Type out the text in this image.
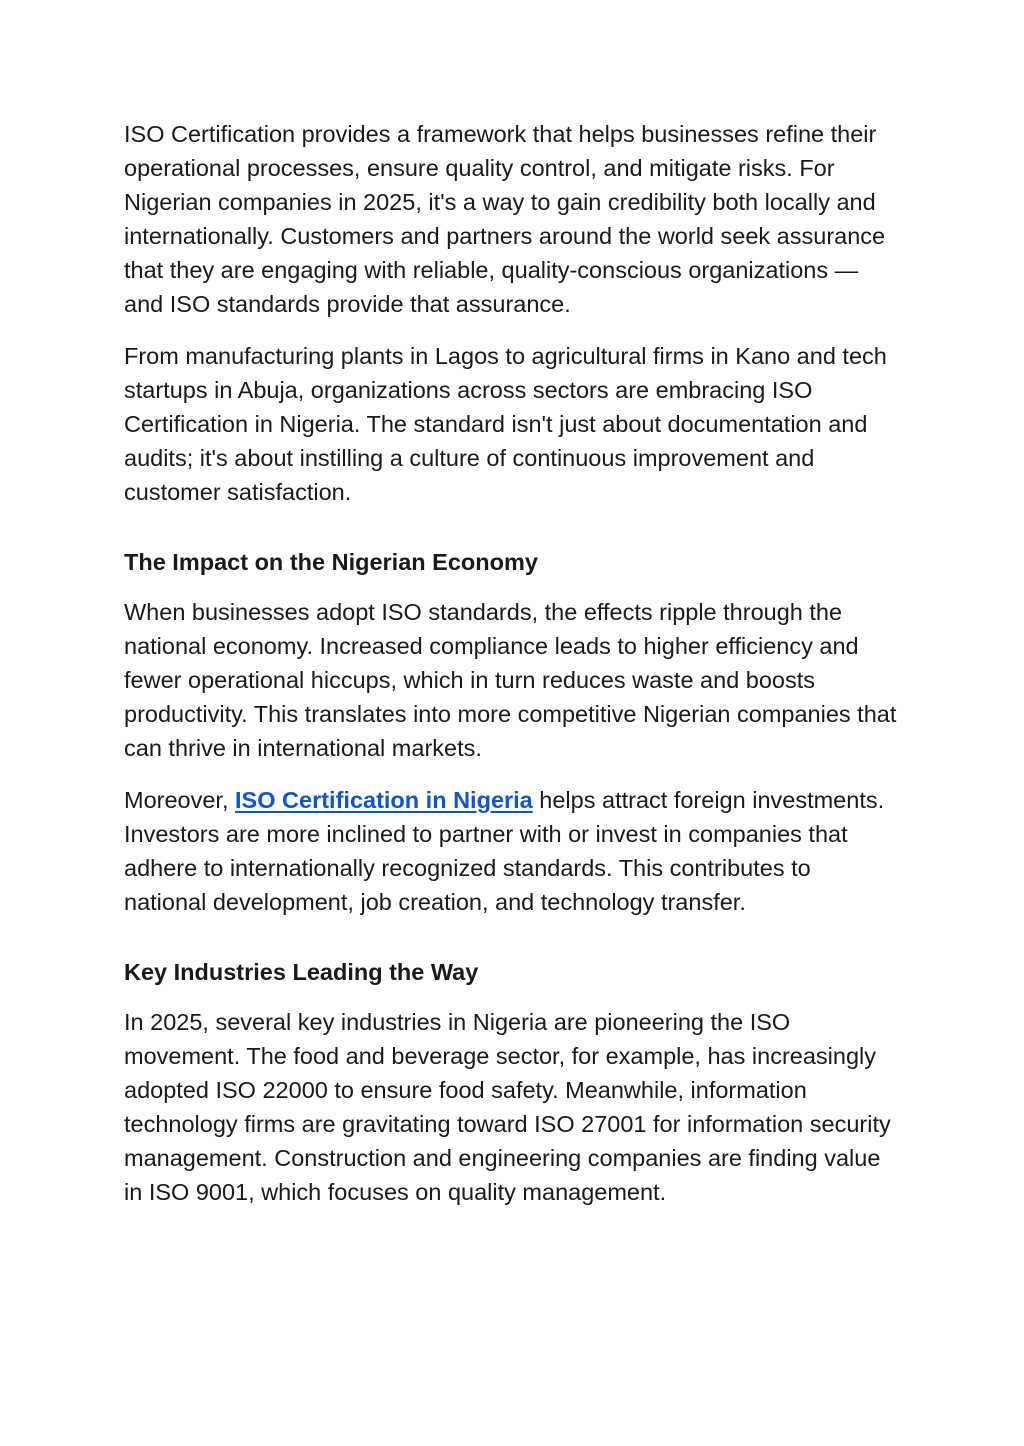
ISO Certification provides a framework that helps businesses refine their operational processes, ensure quality control, and mitigate risks. For Nigerian companies in 2025, it's a way to gain credibility both locally and internationally. Customers and partners around the world seek assurance that they are engaging with reliable, quality-conscious organizations — and ISO standards provide that assurance.

From manufacturing plants in Lagos to agricultural firms in Kano and tech startups in Abuja, organizations across sectors are embracing ISO Certification in Nigeria. The standard isn't just about documentation and audits; it's about instilling a culture of continuous improvement and customer satisfaction.

The Impact on the Nigerian Economy

When businesses adopt ISO standards, the effects ripple through the national economy. Increased compliance leads to higher efficiency and fewer operational hiccups, which in turn reduces waste and boosts productivity. This translates into more competitive Nigerian companies that can thrive in international markets.

Moreover, ISO Certification in Nigeria helps attract foreign investments. Investors are more inclined to partner with or invest in companies that adhere to internationally recognized standards. This contributes to national development, job creation, and technology transfer.

Key Industries Leading the Way

In 2025, several key industries in Nigeria are pioneering the ISO movement. The food and beverage sector, for example, has increasingly adopted ISO 22000 to ensure food safety. Meanwhile, information technology firms are gravitating toward ISO 27001 for information security management. Construction and engineering companies are finding value in ISO 9001, which focuses on quality management.
